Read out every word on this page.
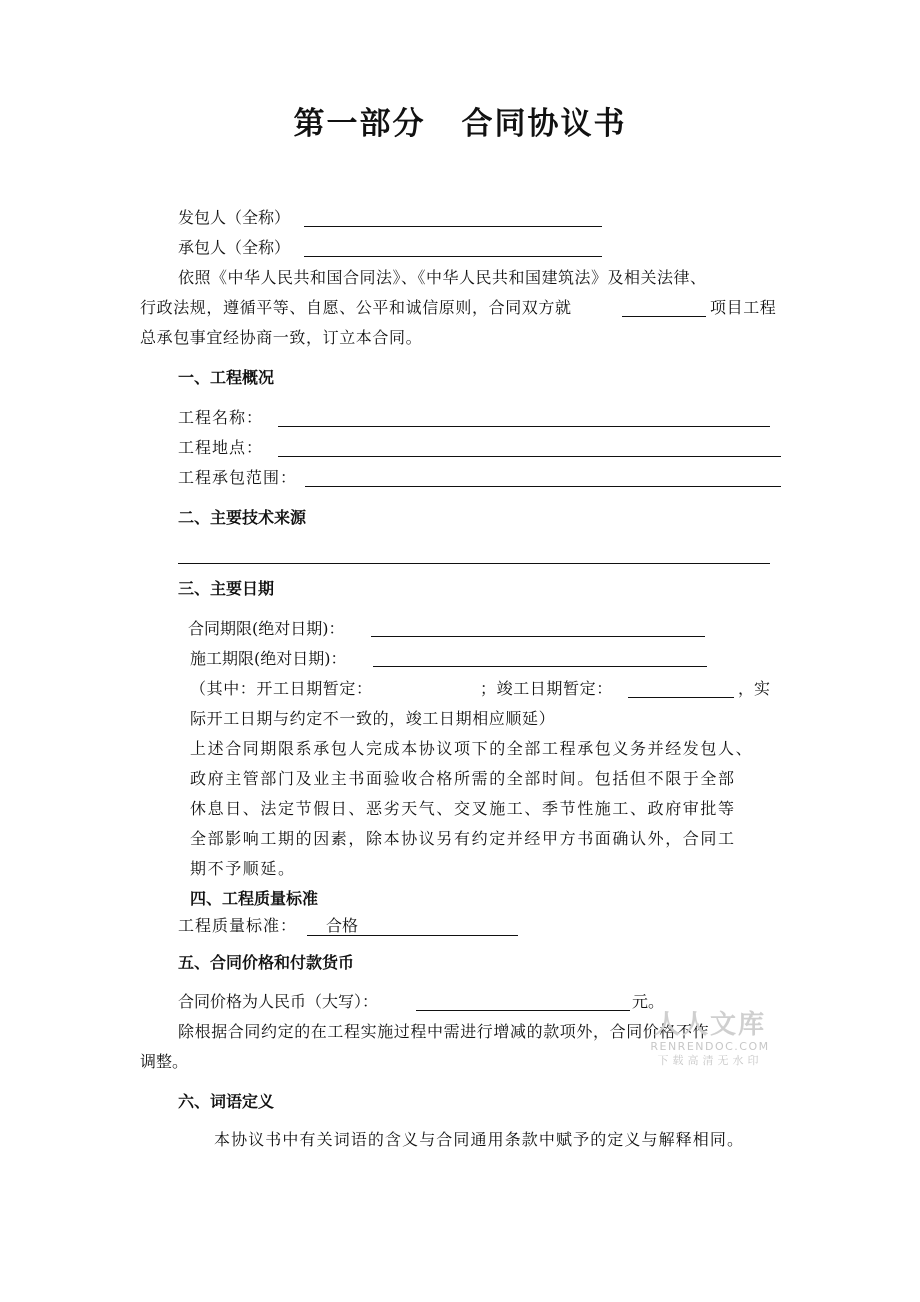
第一部分 合同协议书
发包人（全称）
承包人（全称）
依照《中华人民共和国合同法》、《中华人民共和国建筑法》及相关法律、
行政法规，遵循平等、自愿、公平和诚信原则，合同双方就	项目工程
总承包事宜经协商一致，订立本合同。
一、工程概况
工程名称：
工程地点：
工程承包范围：
二、主要技术来源
三、主要日期
合同期限(绝对日期)：
施工期限(绝对日期)：
（其中：开工日期暂定：	；竣工日期暂定：	，实
际开工日期与约定不一致的，竣工日期相应顺延）
上述合同期限系承包人完成本协议项下的全部工程承包义务并经发包人、
政府主管部门及业主书面验收合格所需的全部时间。包括但不限于全部
休息日、法定节假日、恶劣天气、交叉施工、季节性施工、政府审批等
全部影响工期的因素，除本协议另有约定并经甲方书面确认外，合同工
期不予顺延。
四、工程质量标准
工程质量标准： 合格
五、合同价格和付款货币
合同价格为人民币（大写）：	元。
除根据合同约定的在工程实施过程中需进行增减的款项外，合同价格不作
调整。
人人文库
RENRENDOC.COM
下载高清无水印
六、词语定义
本协议书中有关词语的含义与合同通用条款中赋予的定义与解释相同。
